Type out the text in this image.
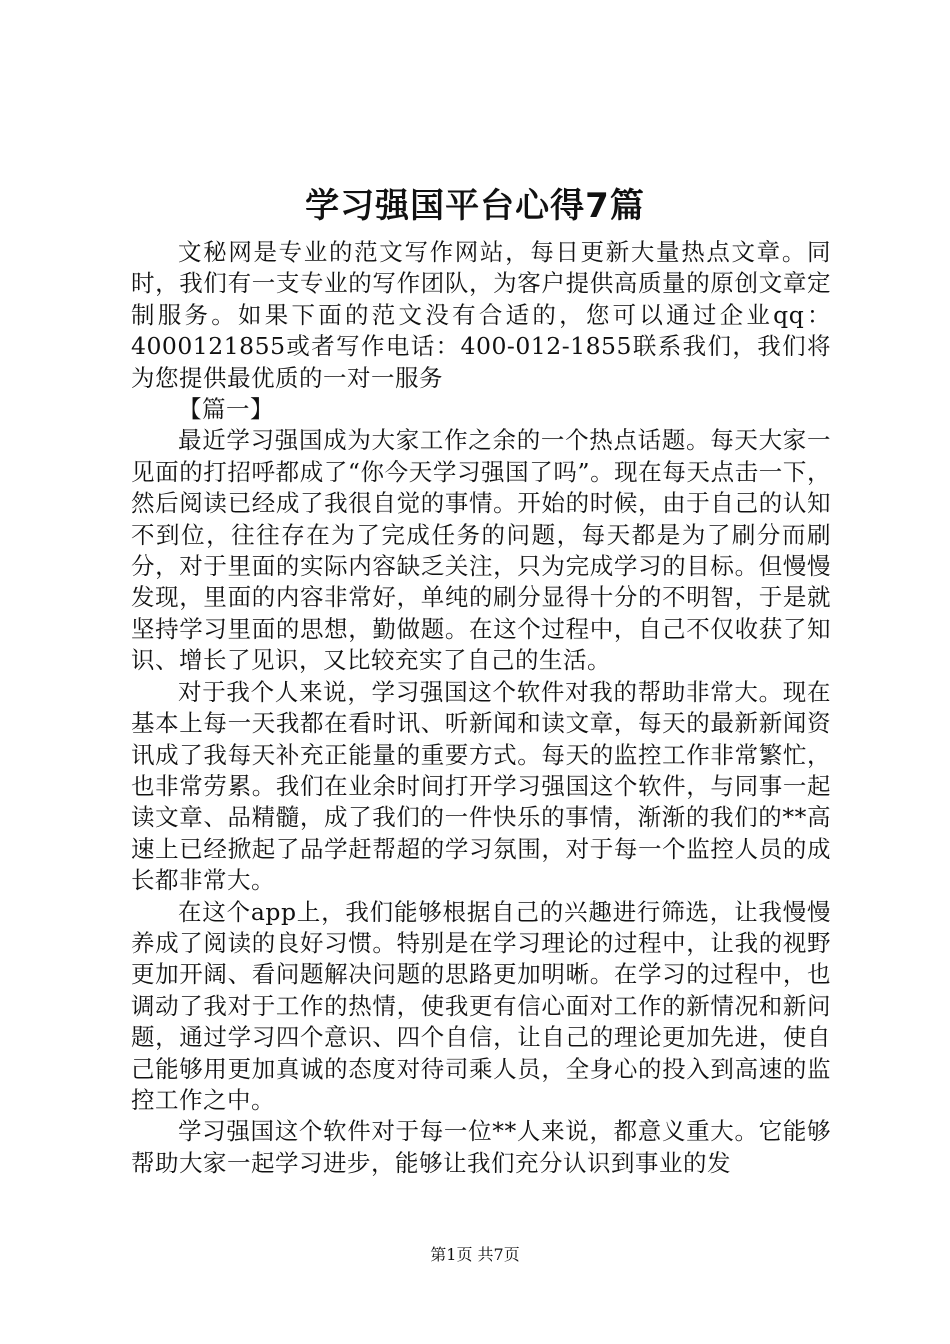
学习强国平台心得7篇

文秘网是专业的范文写作网站，每日更新大量热点文章。同时，我们有一支专业的写作团队，为客户提供高质量的原创文章定制服务。如果下面的范文没有合适的，您可以通过企业qq：4000121855或者写作电话：400-012-1855联系我们，我们将为您提供最优质的一对一服务

【篇一】

最近学习强国成为大家工作之余的一个热点话题。每天大家一见面的打招呼都成了“你今天学习强国了吗”。现在每天点击一下，然后阅读已经成了我很自觉的事情。开始的时候，由于自己的认知不到位，往往存在为了完成任务的问题，每天都是为了刷分而刷分，对于里面的实际内容缺乏关注，只为完成学习的目标。但慢慢发现，里面的内容非常好，单纯的刷分显得十分的不明智，于是就坚持学习里面的思想，勤做题。在这个过程中，自己不仅收获了知识、增长了见识，又比较充实了自己的生活。

对于我个人来说，学习强国这个软件对我的帮助非常大。现在基本上每一天我都在看时讯、听新闻和读文章，每天的最新新闻资讯成了我每天补充正能量的重要方式。每天的监控工作非常繁忙，也非常劳累。我们在业余时间打开学习强国这个软件，与同事一起读文章、品精髓，成了我们的一件快乐的事情，渐渐的我们的**高速上已经掀起了品学赶帮超的学习氛围，对于每一个监控人员的成长都非常大。

在这个app上，我们能够根据自己的兴趣进行筛选，让我慢慢养成了阅读的良好习惯。特别是在学习理论的过程中，让我的视野更加开阔、看问题解决问题的思路更加明晰。在学习的过程中，也调动了我对于工作的热情，使我更有信心面对工作的新情况和新问题，通过学习四个意识、四个自信，让自己的理论更加先进，使自己能够用更加真诚的态度对待司乘人员，全身心的投入到高速的监控工作之中。

学习强国这个软件对于每一位**人来说，都意义重大。它能够帮助大家一起学习进步，能够让我们充分认识到事业的发

第1页 共7页
